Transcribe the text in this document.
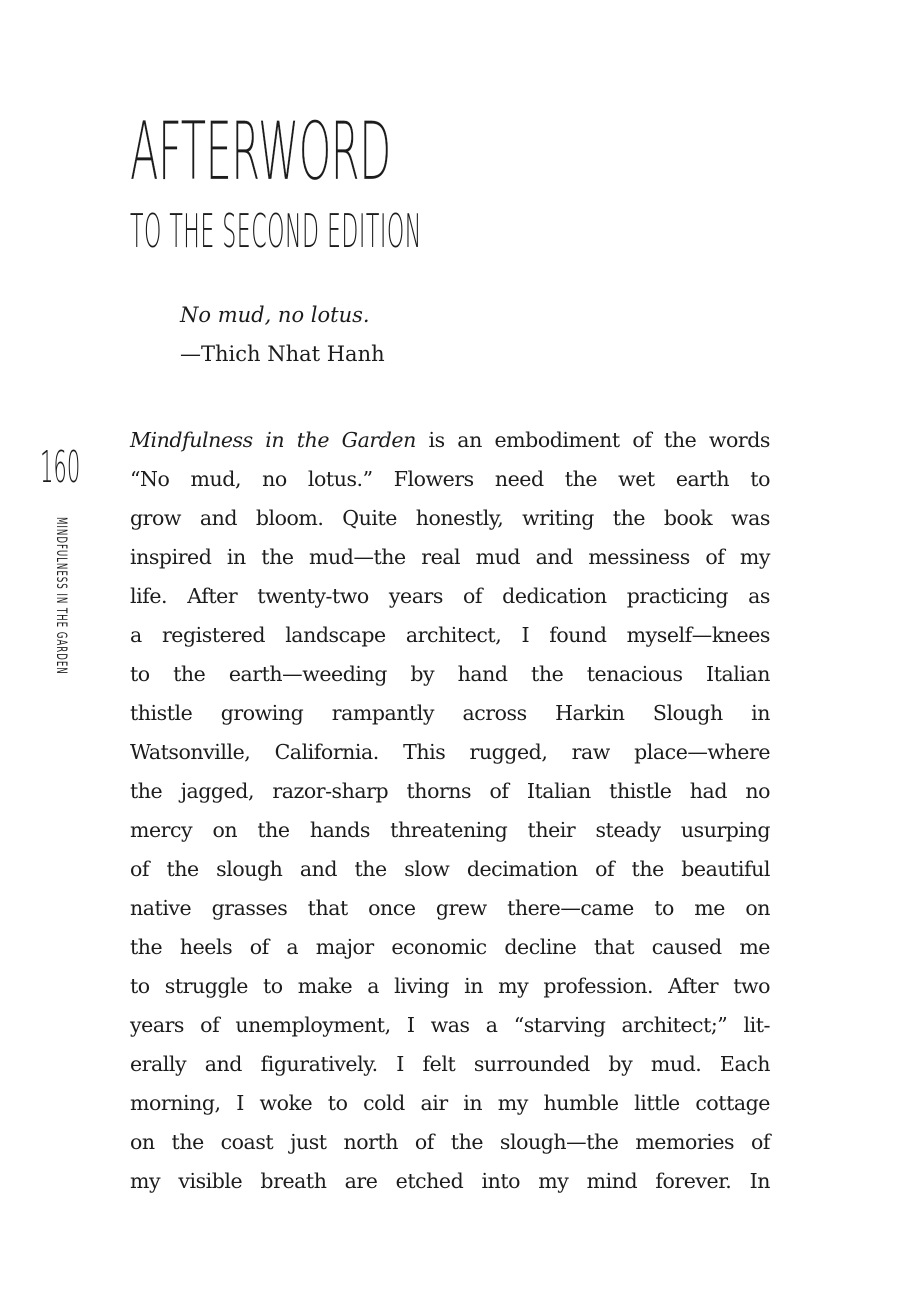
AFTERWORD
TO THE SECOND EDITION
No mud, no lotus.
—Thich Nhat Hanh
160
MINDFULNESS IN THE GARDEN
Mindfulness in the Garden is an embodiment of the words
“No mud, no lotus.” Flowers need the wet earth to
grow and bloom. Quite honestly, writing the book was
inspired in the mud—the real mud and messiness of my
life. After twenty-two years of dedication practicing as
a registered landscape architect, I found myself—knees
to the earth—weeding by hand the tenacious Italian
thistle growing rampantly across Harkin Slough in
Watsonville, California. This rugged, raw place—where
the jagged, razor-sharp thorns of Italian thistle had no
mercy on the hands threatening their steady usurping
of the slough and the slow decimation of the beautiful
native grasses that once grew there—came to me on
the heels of a major economic decline that caused me
to struggle to make a living in my profession. After two
years of unemployment, I was a “starving architect;” lit-
erally and figuratively. I felt surrounded by mud. Each
morning, I woke to cold air in my humble little cottage
on the coast just north of the slough—the memories of
my visible breath are etched into my mind forever. In
